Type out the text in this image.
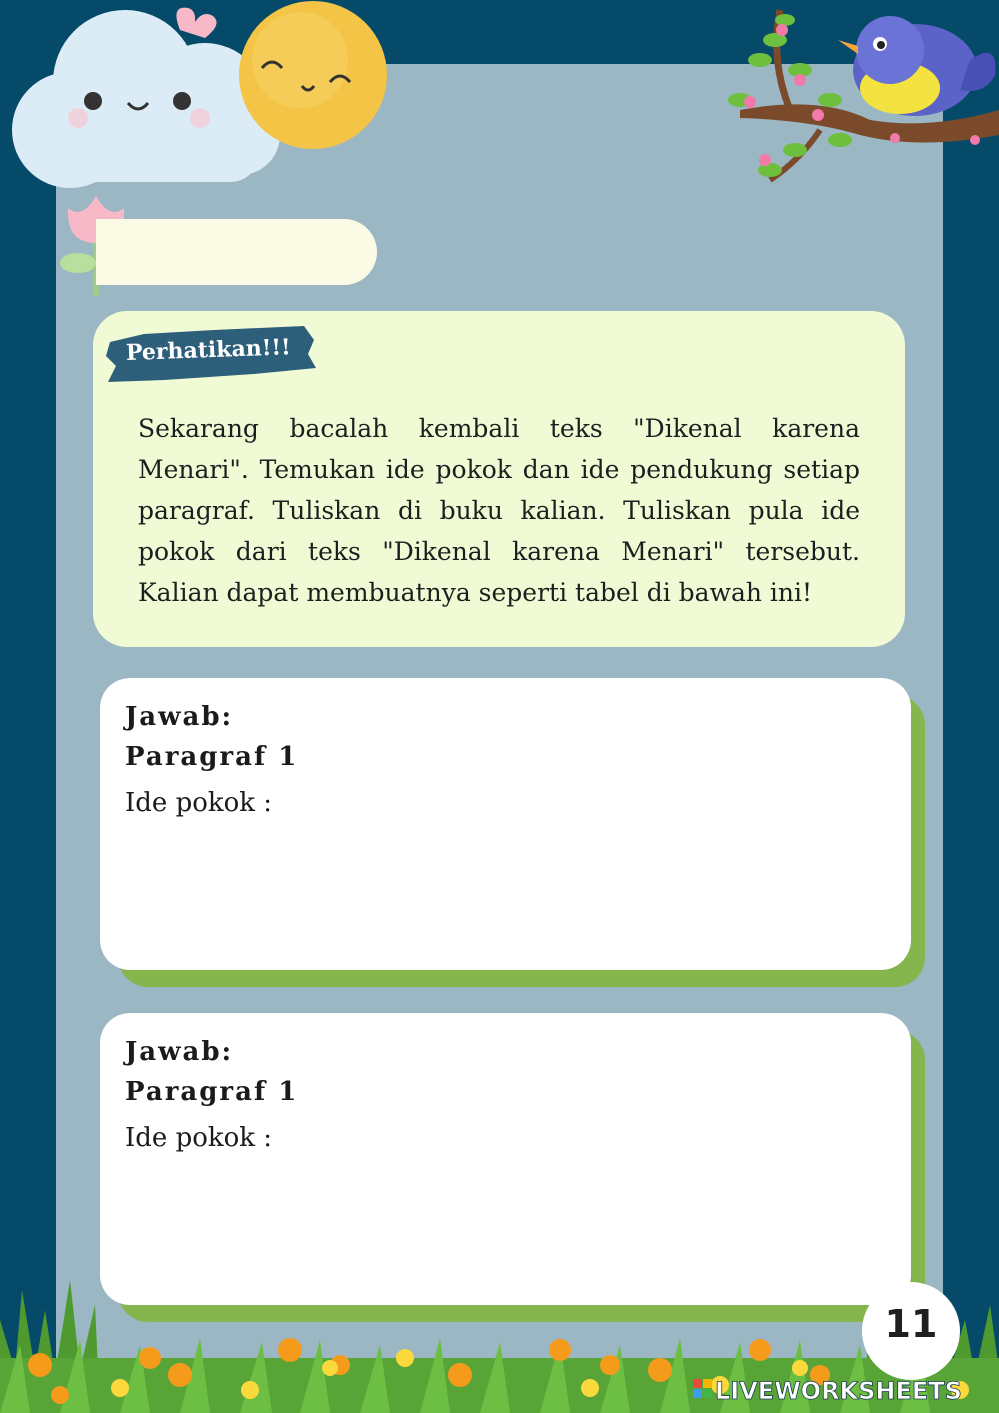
Perhatikan!!!

Sekarang bacalah kembali teks "Dikenal karena Menari". Temukan ide pokok dan ide pendukung setiap paragraf. Tuliskan di buku kalian. Tuliskan pula ide pokok dari teks "Dikenal karena Menari" tersebut. Kalian dapat membuatnya seperti tabel di bawah ini!

Jawab:

Paragraf 1

Ide pokok :

Jawab:

Paragraf 1

Ide pokok :

11
LIVEWORKSHEETS
